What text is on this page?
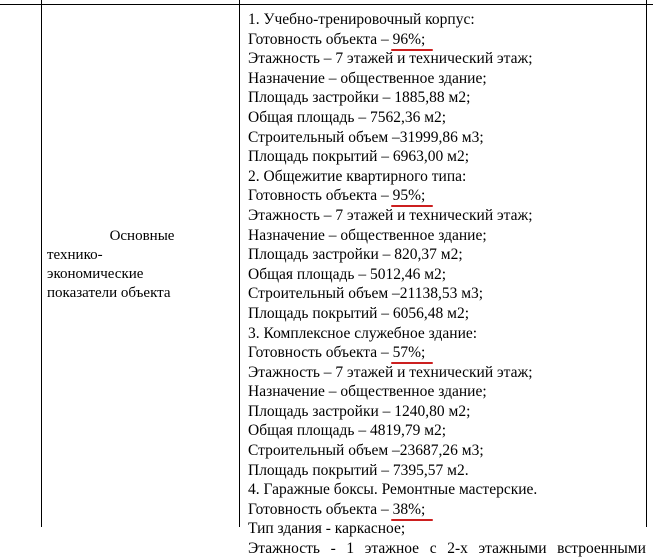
Основные
технико-
экономические
показатели объекта
1. Учебно-тренировочный корпус:
Готовность объекта – 96%;
Этажность – 7 этажей и технический этаж;
Назначение – общественное здание;
Площадь застройки – 1885,88 м2;
Общая площадь – 7562,36 м2;
Строительный объем –31999,86 м3;
Площадь покрытий – 6963,00 м2;
2. Общежитие квартирного типа:
Готовность объекта – 95%;
Этажность – 7 этажей и технический этаж;
Назначение – общественное здание;
Площадь застройки – 820,37 м2;
Общая площадь – 5012,46 м2;
Строительный объем –21138,53 м3;
Площадь покрытий – 6056,48 м2;
3. Комплексное служебное здание:
Готовность объекта – 57%;
Этажность – 7 этажей и технический этаж;
Назначение – общественное здание;
Площадь застройки – 1240,80 м2;
Общая площадь – 4819,79 м2;
Строительный объем –23687,26 м3;
Площадь покрытий – 7395,57 м2.
4. Гаражные боксы. Ремонтные мастерские.
Готовность объекта – 38%;
Тип здания - каркасное;
Этажность - 1 этажное с 2-х этажными встроенными
